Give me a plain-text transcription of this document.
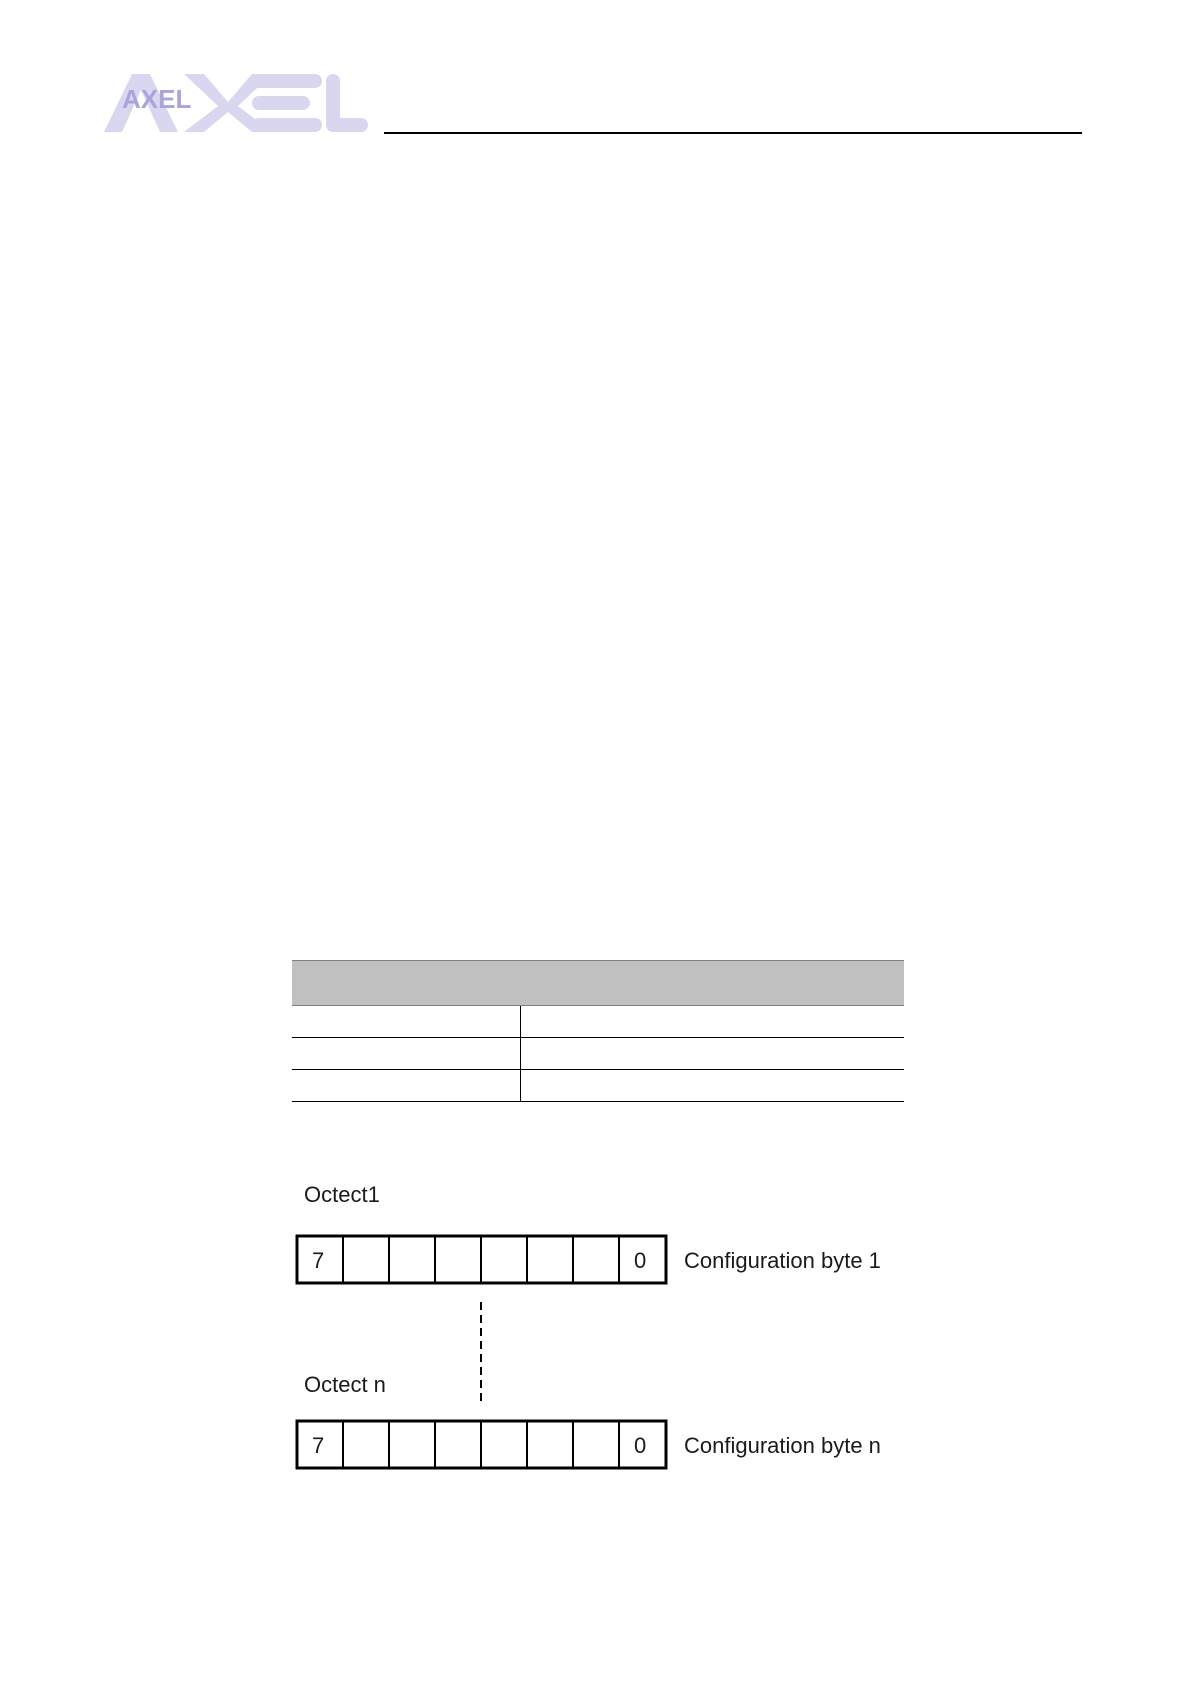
AXEL
Octect1
7	0 Configuration byte 1
Octect n
7	0 Configuration byte n
